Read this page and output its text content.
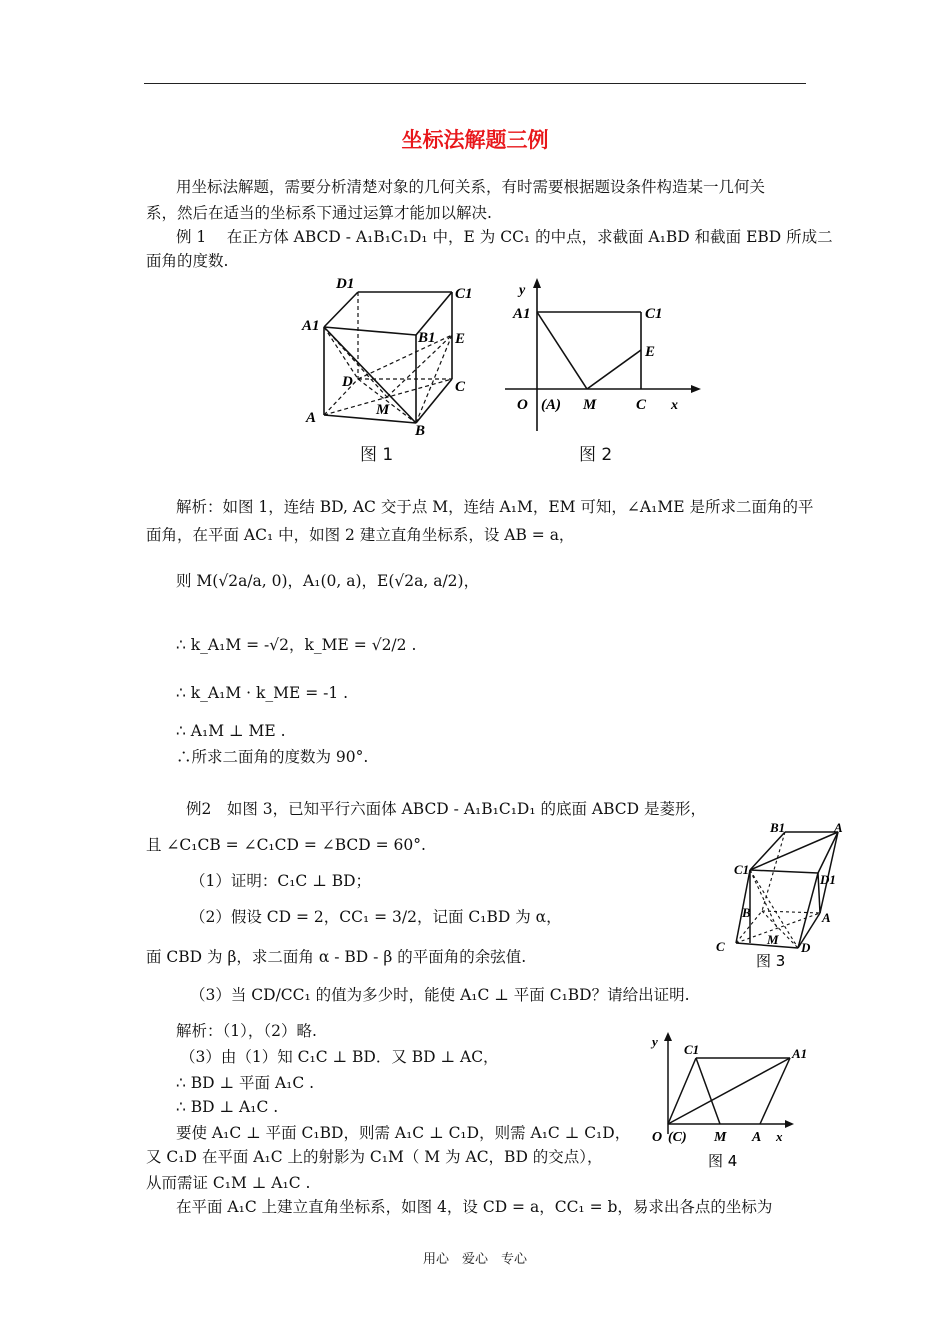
坐标法解题三例
用坐标法解题，需要分析清楚对象的几何关系，有时需要根据题设条件构造某一几何关
系，然后在适当的坐标系下通过运算才能加以解决.
例 1　 在正方体 ABCD - A₁B₁C₁D₁ 中，E 为 CC₁ 的中点，求截面 A₁BD 和截面 EBD 所成二
面角的度数.
D1
C1
A1
B1 E
D	C
A	M
B
图 1
y
A1	C1
E
O (A) M	C x
图 2
解析：如图 1，连结 BD, AC 交于点 M，连结 A₁M，EM 可知，∠A₁ME 是所求二面角的平
面角，在平面 AC₁ 中，如图 2 建立直角坐标系，设 AB = a，
则 M(√2a/a, 0)，A₁(0, a)，E(√2a, a/2)，
∴ k_A₁M = -√2，k_ME = √2/2 .
∴ k_A₁M · k_ME = -1 .
∴ A₁M ⊥ ME .
∴所求二面角的度数为 90°.
例2　如图 3，已知平行六面体 ABCD - A₁B₁C₁D₁ 的底面 ABCD 是菱形，
且 ∠C₁CB = ∠C₁CD = ∠BCD = 60°.
（1）证明：C₁C ⊥ BD；
（2）假设 CD = 2，CC₁ = 3/2，记面 C₁BD 为 α，
面 CBD 为 β，求二面角 α - BD - β 的平面角的余弦值.
（3）当 CD/CC₁ 的值为多少时，能使 A₁C ⊥ 平面 C₁BD？请给出证明.
B1	A
C1
D1
B	A
C	M
D
图 3
解析：（1），（2）略.
（3）由（1）知 C₁C ⊥ BD．又 BD ⊥ AC，
∴ BD ⊥ 平面 A₁C .
∴ BD ⊥ A₁C .
要使 A₁C ⊥ 平面 C₁BD，则需 A₁C ⊥ C₁D，则需 A₁C ⊥ C₁D，
又 C₁D 在平面 A₁C 上的射影为 C₁M（ M 为 AC，BD 的交点），
从而需证 C₁M ⊥ A₁C .
在平面 A₁C 上建立直角坐标系，如图 4，设 CD = a，CC₁ = b，易求出各点的坐标为
y
C1	A1
O (C) M A x
图 4
用心　爱心　专心
